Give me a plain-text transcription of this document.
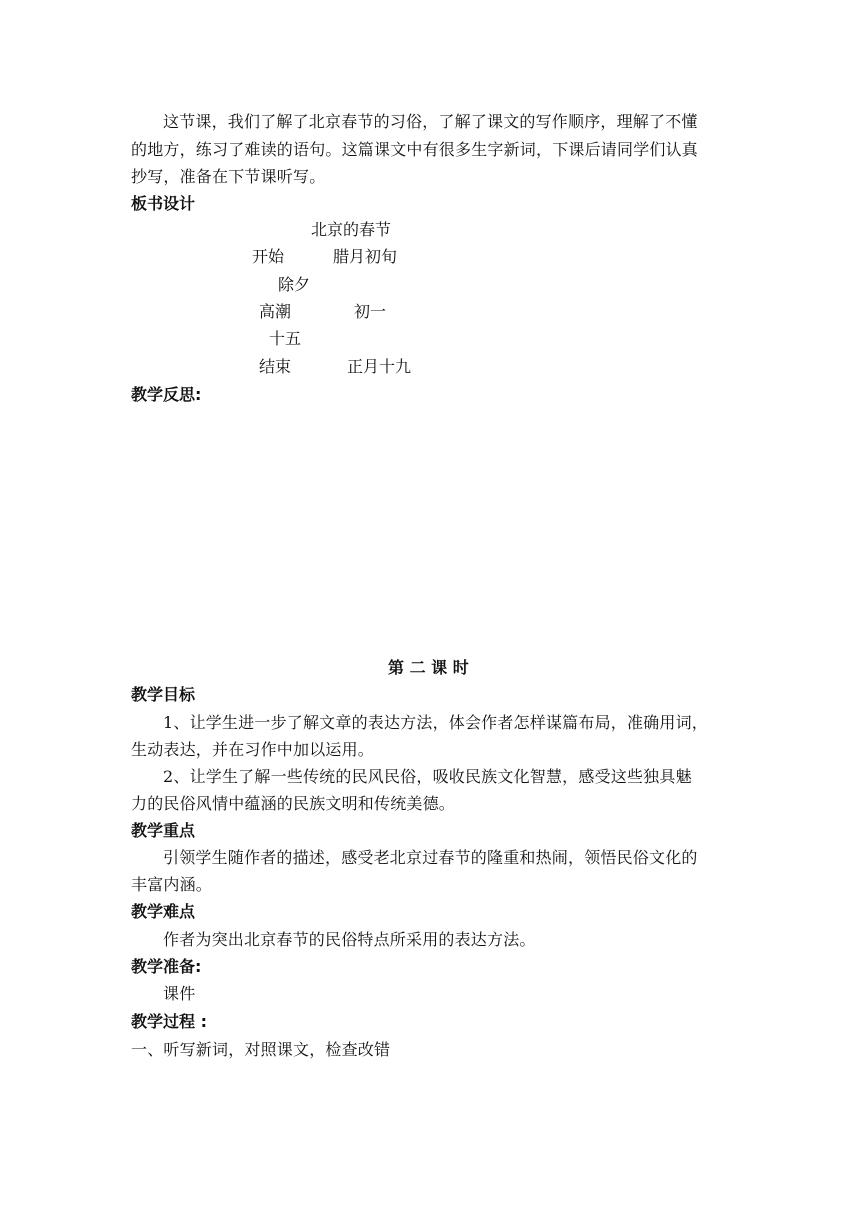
这节课，我们了解了北京春节的习俗，了解了课文的写作顺序，理解了不懂
的地方，练习了难读的语句。这篇课文中有很多生字新词，下课后请同学们认真
抄写，准备在下节课听写。
板书设计
北京的春节
开始	腊月初旬
除夕
高潮	初一
十五
结束	正月十九
教学反思:
第 二 课 时
教学目标
1、让学生进一步了解文章的表达方法，体会作者怎样谋篇布局，准确用词，
生动表达，并在习作中加以运用。
2、让学生了解一些传统的民风民俗，吸收民族文化智慧，感受这些独具魅
力的民俗风情中蕴涵的民族文明和传统美德。
教学重点
引领学生随作者的描述，感受老北京过春节的隆重和热闹，领悟民俗文化的
丰富内涵。
教学难点
作者为突出北京春节的民俗特点所采用的表达方法。
教学准备:
课件
教学过程 :
一、听写新词，对照课文，检查改错
